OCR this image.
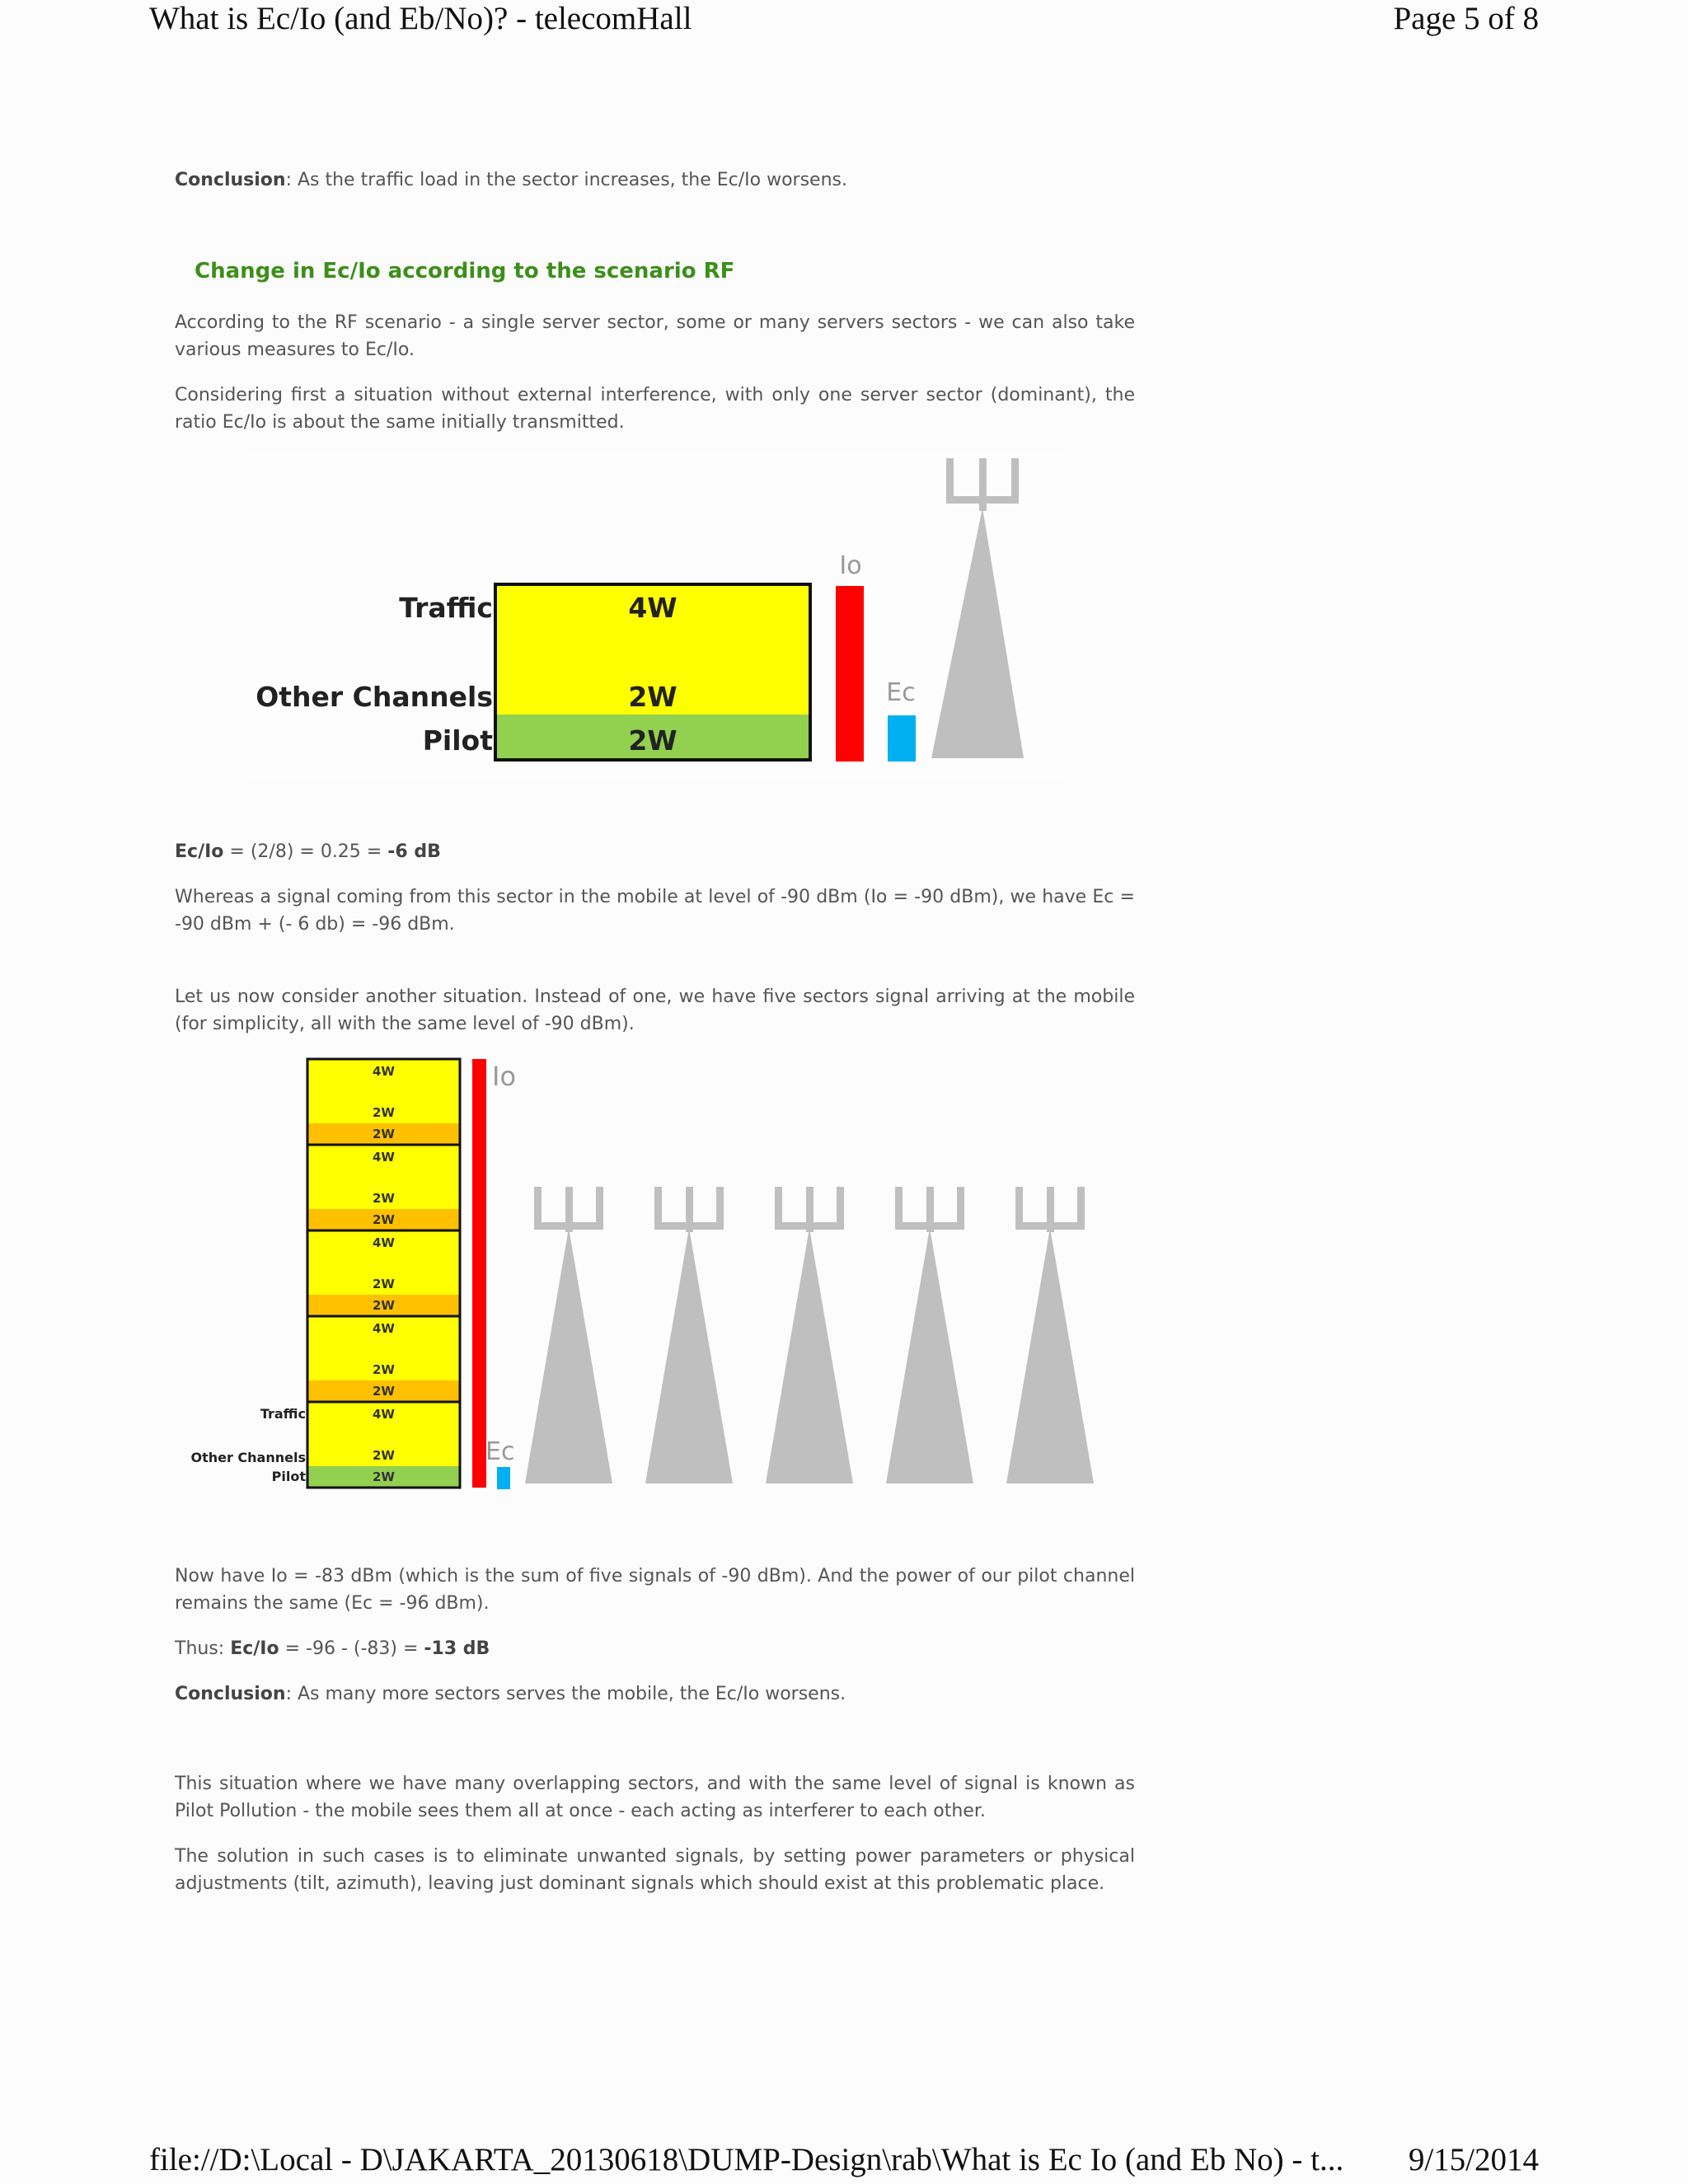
What is Ec/Io (and Eb/No)? - telecomHall	Page 5 of 8

Conclusion: As the traffic load in the sector increases, the Ec/Io worsens.

Change in Ec/Io according to the scenario RF

According to the RF scenario - a single server sector, some or many servers sectors - we can also take various measures to Ec/Io.

Considering first a situation without external interference, with only one server sector (dominant), the ratio Ec/Io is about the same initially transmitted.

Traffic
Other Channels
Pilot
4W
2W
2W
Io
Ec

Ec/Io = (2/8) = 0.25 = -6 dB

Whereas a signal coming from this sector in the mobile at level of -90 dBm (Io = -90 dBm), we have Ec = -90 dBm + (- 6 db) = -96 dBm.

Let us now consider another situation. Instead of one, we have five sectors signal arriving at the mobile (for simplicity, all with the same level of -90 dBm).

4W
2W
2W
4W
2W
2W
4W
2W
2W
4W
2W
2W
4W
2W
2W
Traffic
Other Channels
Pilot
Io
Ec

Now have Io = -83 dBm (which is the sum of five signals of -90 dBm). And the power of our pilot channel remains the same (Ec = -96 dBm).

Thus: Ec/Io = -96 - (-83) = -13 dB

Conclusion: As many more sectors serves the mobile, the Ec/Io worsens.

This situation where we have many overlapping sectors, and with the same level of signal is known as Pilot Pollution - the mobile sees them all at once - each acting as interferer to each other.

The solution in such cases is to eliminate unwanted signals, by setting power parameters or physical adjustments (tilt, azimuth), leaving just dominant signals which should exist at this problematic place.

file://D:\Local - D\JAKARTA_20130618\DUMP-Design\rab\What is Ec Io (and Eb No) - t... 9/15/2014
